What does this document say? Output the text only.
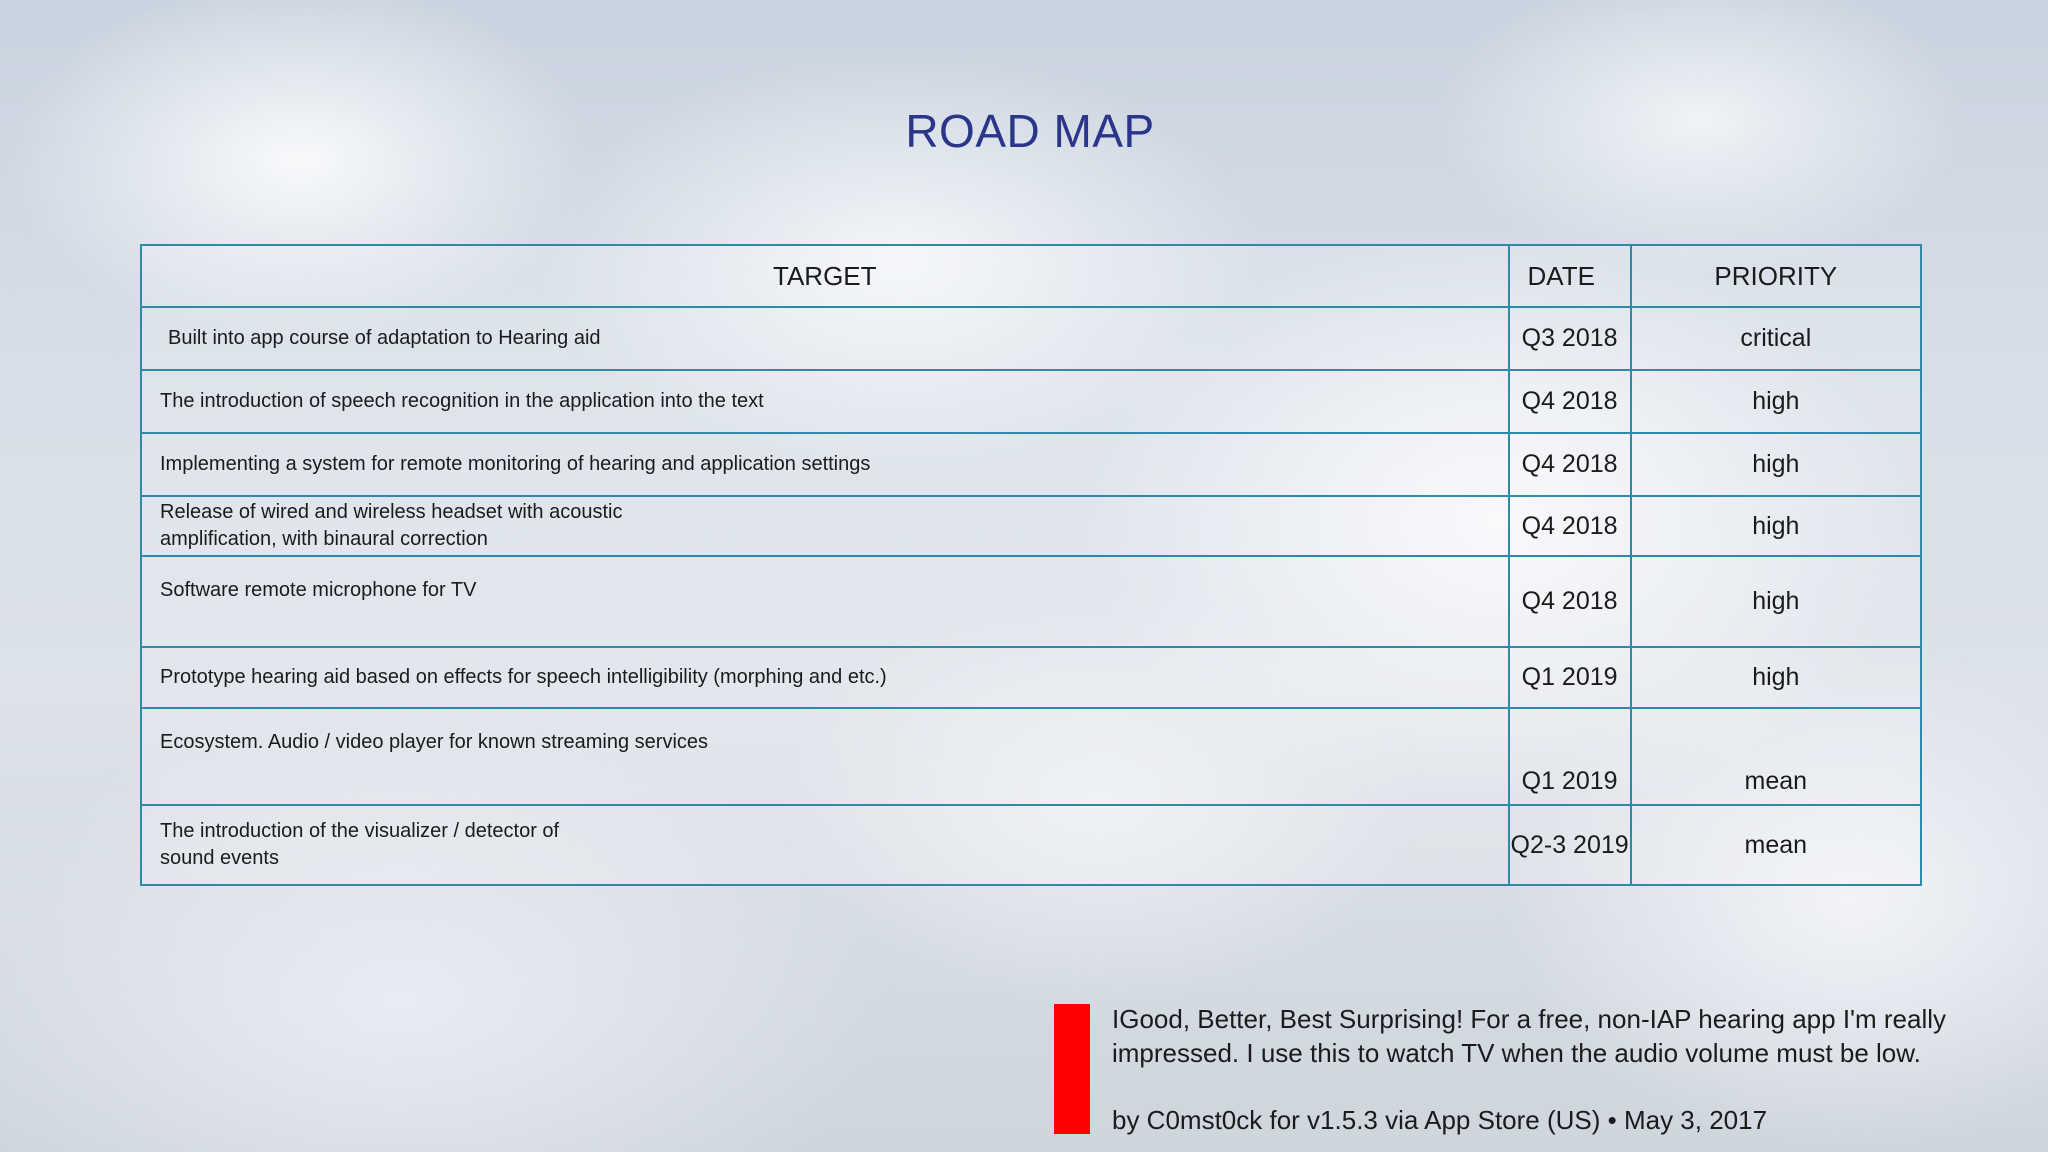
ROAD MAP
TARGET	DATE	PRIORITY

Built into app course of adaptation to Hearing aid	Q3 2018	critical

The introduction of speech recognition in the application into the text	Q4 2018	high

Implementing a system for remote monitoring of hearing and application settings	Q4 2018	high

Release of wired and wireless headset with acoustic
amplification, with binaural correction	Q4 2018	high

Software remote microphone for TV	Q4 2018	high

Prototype hearing aid based on effects for speech intelligibility (morphing and etc.)	Q1 2019	high

Ecosystem. Audio / video player for known streaming services	Q1 2019	mean

The introduction of the visualizer / detector of
sound events	Q2-3 2019	mean
IGood, Better, Best Surprising! For a free, non-IAP hearing app I'm really impressed. I use this to watch TV when the audio volume must be low.
by C0mst0ck for v1.5.3 via App Store (US) • May 3, 2017
